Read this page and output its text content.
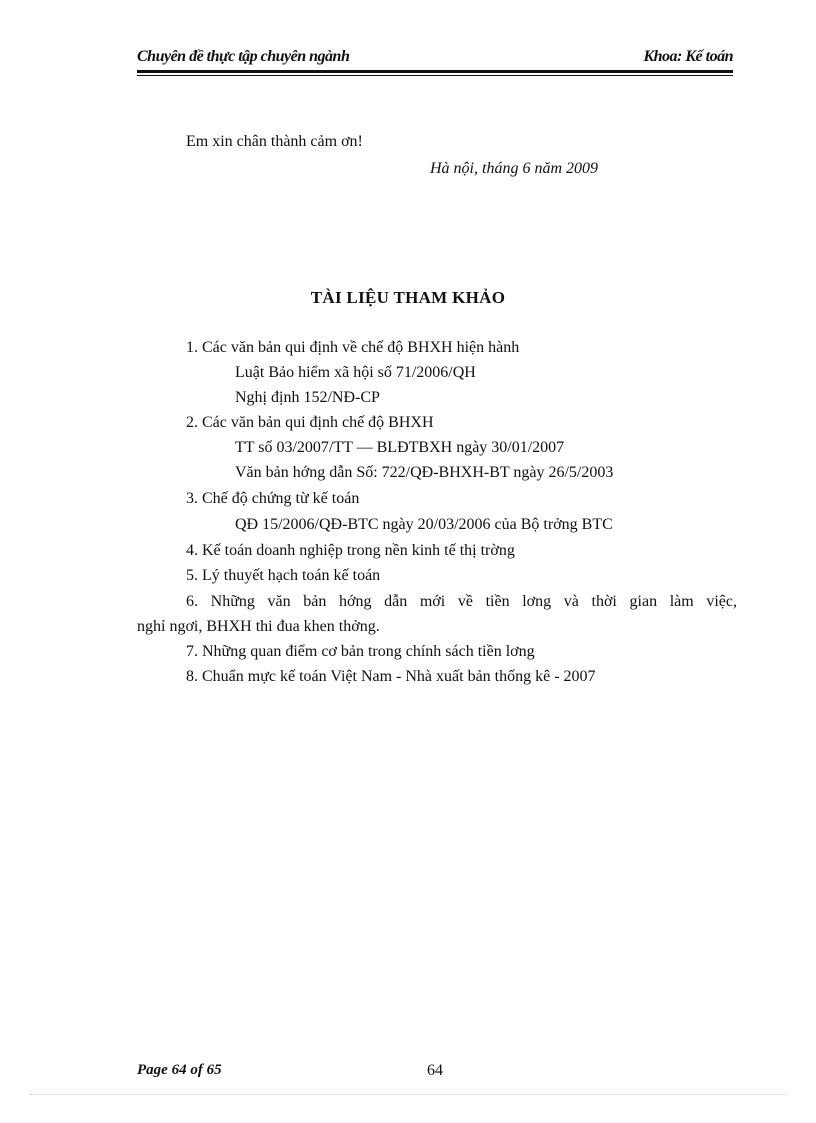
Chuyên đề thực tập chuyên ngành	Khoa: Kế toán
Em xin chân thành cảm ơn!
Hà nội, tháng 6 năm 2009
TÀI LIỆU THAM KHẢO
1. Các văn bản qui định về chế độ BHXH hiện hành
Luật Bảo hiểm xã hội số 71/2006/QH
Nghị định 152/NĐ-CP
2. Các văn bản qui định chế độ BHXH
TT số 03/2007/TT — BLĐTBXH ngày 30/01/2007
Văn bản hớng dẫn Số: 722/QĐ-BHXH-BT ngày 26/5/2003
3. Chế độ chứng từ kế toán
QĐ 15/2006/QĐ-BTC ngày 20/03/2006 của Bộ trởng BTC
4. Kế toán doanh nghiệp trong nền kinh tế thị trờng
5. Lý thuyết hạch toán kế toán
6. Những văn bản hớng dẫn mới về tiền lơng và thời gian làm việc,
nghỉ ngơi, BHXH thi đua khen thởng.
7. Những quan điểm cơ bản trong chính sách tiền lơng
8. Chuẩn mực kế toán Việt Nam - Nhà xuất bản thống kê - 2007
Page 64 of 65	64
